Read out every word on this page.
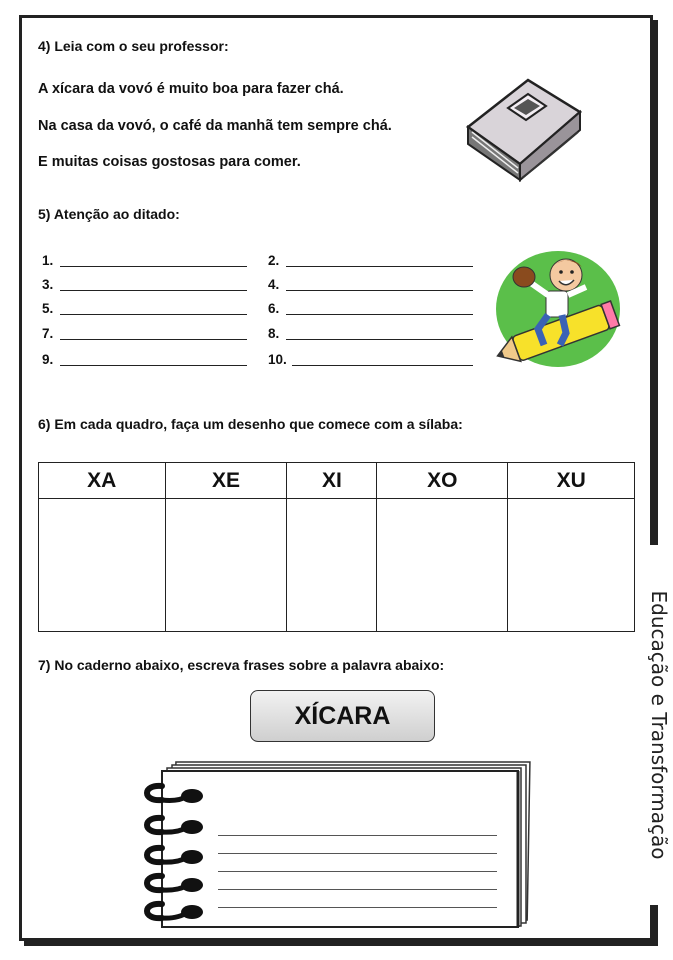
4) Leia com o seu professor:
A xícara da vovó é muito boa para fazer chá.
Na casa da vovó, o café da manhã tem sempre chá.
E muitas coisas gostosas para comer.
5) Atenção ao ditado:
1.	2.
3.	4.
5.	6.
7.	8.
9.	10.
6) Em cada quadro, faça um desenho que comece com a sílaba:
XA	XE	XI	XO	XU

7) No caderno abaixo, escreva frases sobre a palavra abaixo:
XÍCARA	Educação e Transformação
